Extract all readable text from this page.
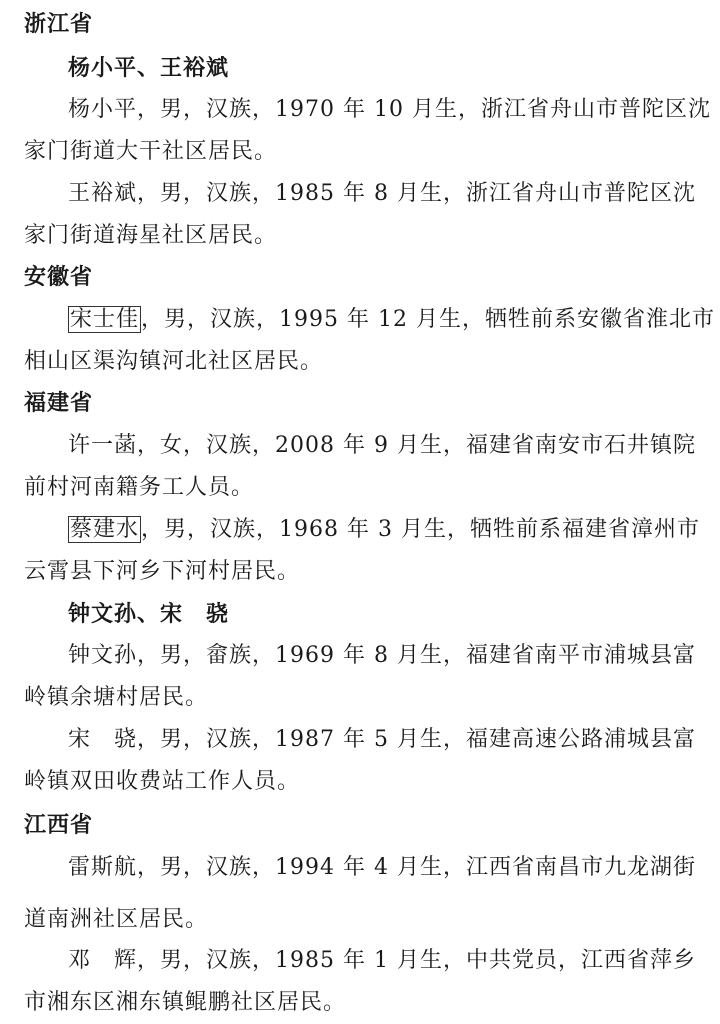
浙江省
杨小平、王裕斌
杨小平，男，汉族，1970 年 10 月生，浙江省舟山市普陀区沈
家门街道大干社区居民。
王裕斌，男，汉族，1985 年 8 月生，浙江省舟山市普陀区沈
家门街道海星社区居民。
安徽省
宋士佳，男，汉族，1995 年 12 月生，牺牲前系安徽省淮北市
相山区渠沟镇河北社区居民。
福建省
许一菡，女，汉族，2008 年 9 月生，福建省南安市石井镇院
前村河南籍务工人员。
蔡建水，男，汉族，1968 年 3 月生，牺牲前系福建省漳州市
云霄县下河乡下河村居民。
钟文孙、宋　骁
钟文孙，男，畲族，1969 年 8 月生，福建省南平市浦城县富
岭镇余塘村居民。
宋　骁，男，汉族，1987 年 5 月生，福建高速公路浦城县富
岭镇双田收费站工作人员。
江西省
雷斯航，男，汉族，1994 年 4 月生，江西省南昌市九龙湖街
道南洲社区居民。
邓　辉，男，汉族，1985 年 1 月生，中共党员，江西省萍乡
市湘东区湘东镇鲲鹏社区居民。
